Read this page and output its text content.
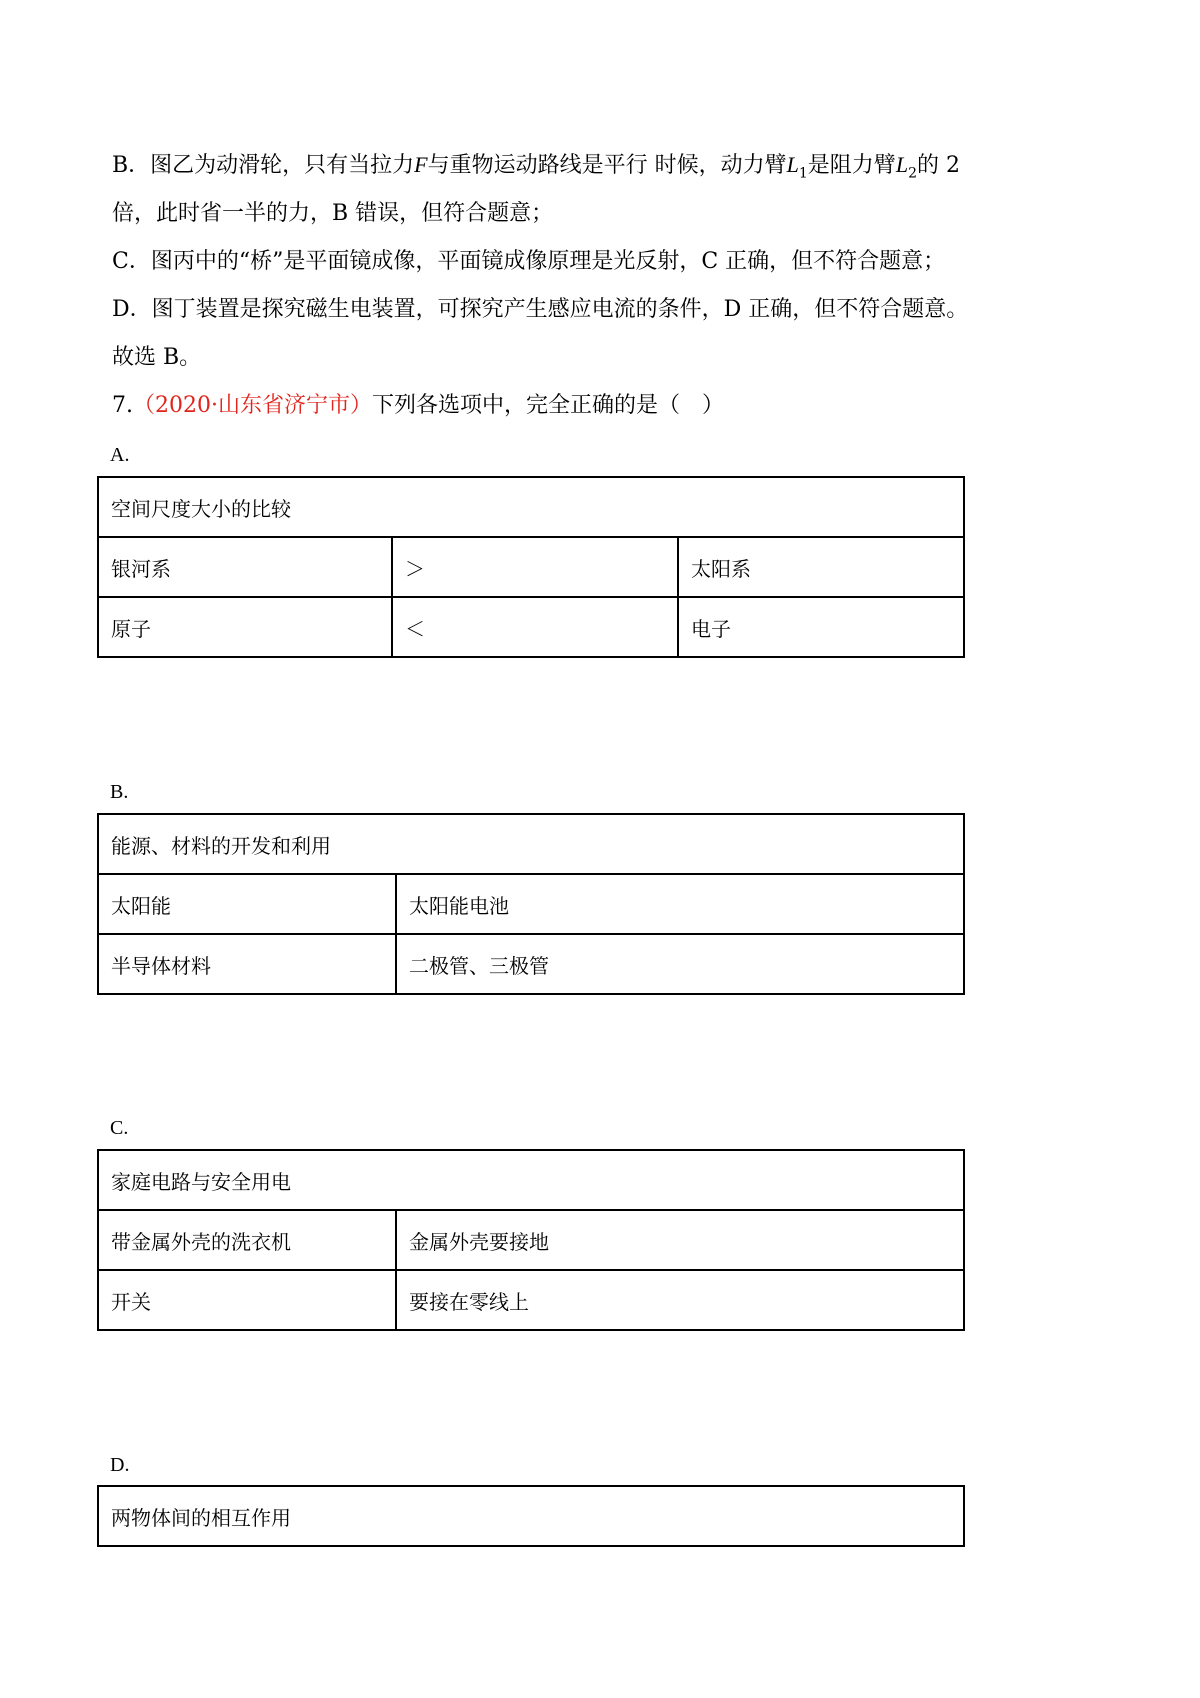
B．图乙为动滑轮，只有当拉力F与重物运动路线是平行 时候，动力臂$L_1$是阻力臂$L_2$的 2
倍，此时省一半的力，B 错误，但符合题意；
C．图丙中的“桥”是平面镜成像，平面镜成像原理是光反射，C 正确，但不符合题意；
D．图丁装置是探究磁生电装置，可探究产生感应电流的条件，D 正确，但不符合题意。
故选 B。
7.（2020·山东省济宁市）下列各选项中，完全正确的是（　）
A.
空间尺度大小的比较		
银河系	＞	太阳系
原子	＜	电子
B.
能源、材料的开发和利用	
太阳能	太阳能电池
半导体材料	二极管、三极管
C.
家庭电路与安全用电	
带金属外壳的洗衣机	金属外壳要接地
开关	要接在零线上
D.
两物体间的相互作用
